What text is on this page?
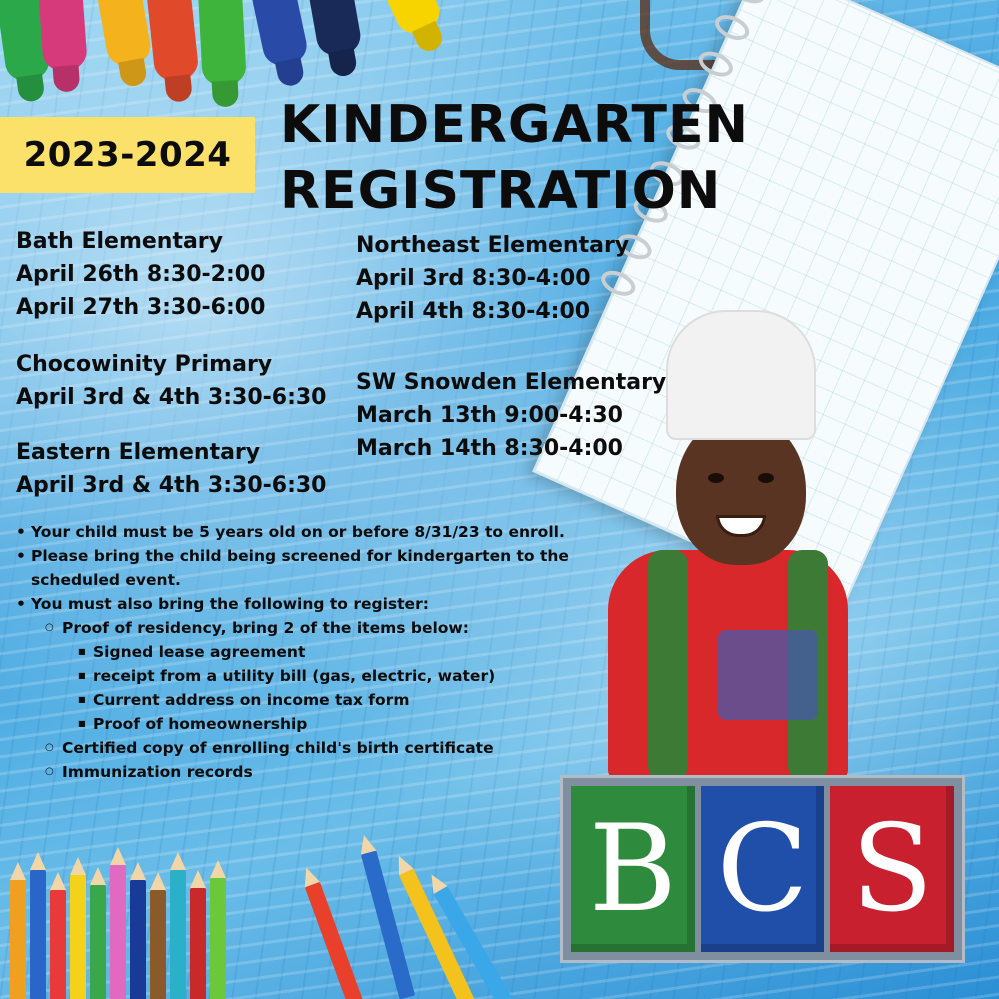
2023-2024 KINDERGARTEN
REGISTRATION
Bath Elementary
April 26th 8:30-2:00
April 27th 3:30-6:00
Chocowinity Primary
April 3rd & 4th 3:30-6:30
Eastern Elementary
April 3rd & 4th 3:30-6:30
Northeast Elementary
April 3rd 8:30-4:00
April 4th 8:30-4:00
SW Snowden Elementary
March 13th 9:00-4:30
March 14th 8:30-4:00
• Your child must be 5 years old on or before 8/31/23 to enroll.
• Please bring the child being screened for kindergarten to the scheduled event.
• You must also bring the following to register:
○ Proof of residency, bring 2 of the items below:
■ Signed lease agreement
■ receipt from a utility bill (gas, electric, water)
■ Current address on income tax form
■ Proof of homeownership
○ Certified copy of enrolling child's birth certificate
○ Immunization records
B C S
